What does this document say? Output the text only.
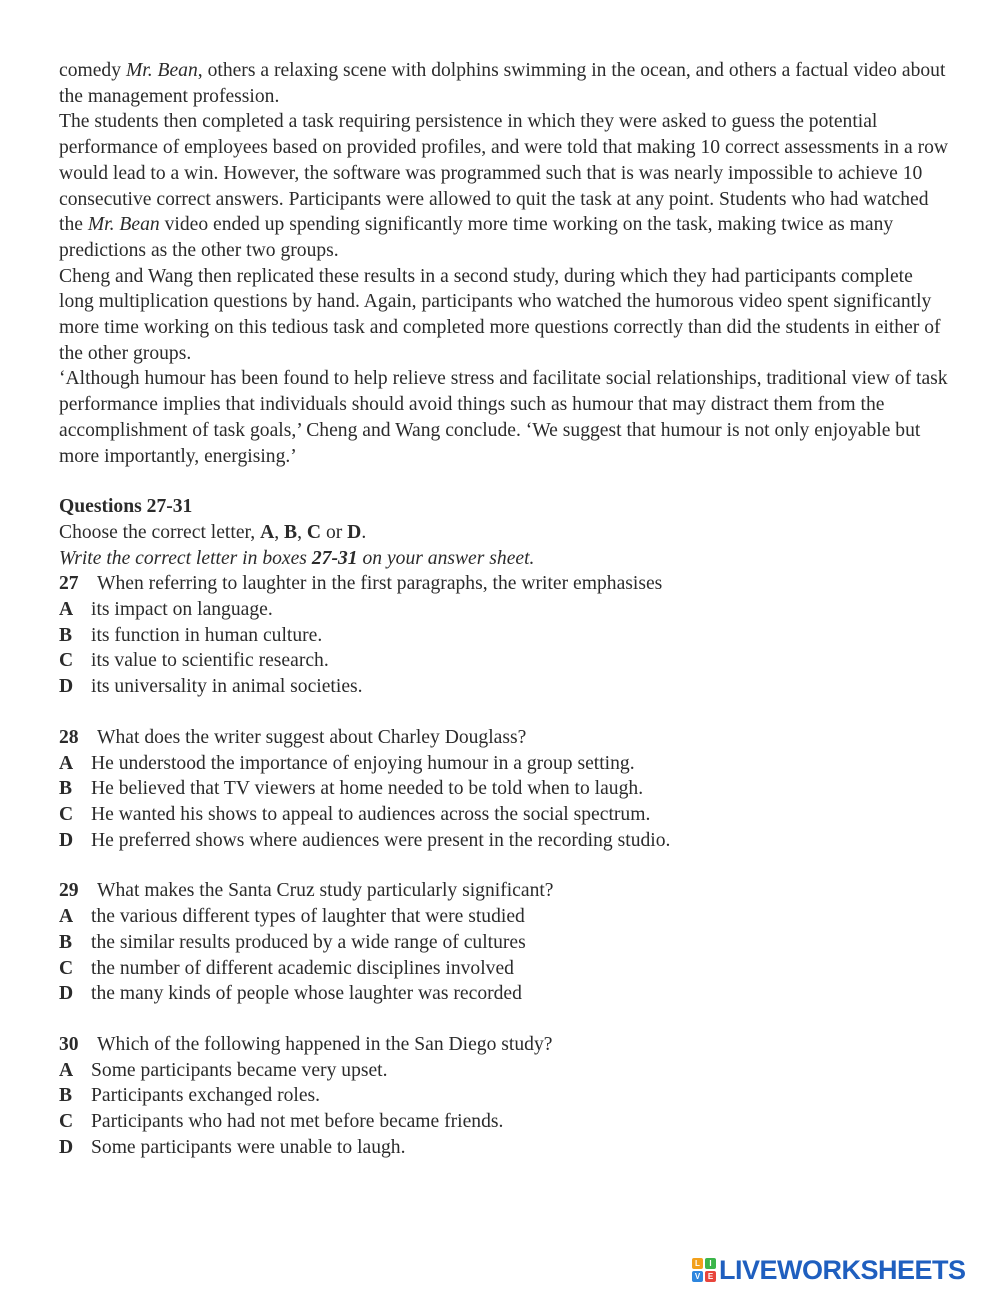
comedy Mr. Bean, others a relaxing scene with dolphins swimming in the ocean, and others a factual video about the management profession.

The students then completed a task requiring persistence in which they were asked to guess the potential performance of employees based on provided profiles, and were told that making 10 correct assessments in a row would lead to a win. However, the software was programmed such that is was nearly impossible to achieve 10 consecutive correct answers. Participants were allowed to quit the task at any point. Students who had watched the Mr. Bean video ended up spending significantly more time working on the task, making twice as many predictions as the other two groups.

Cheng and Wang then replicated these results in a second study, during which they had participants complete long multiplication questions by hand. Again, participants who watched the humorous video spent significantly more time working on this tedious task and completed more questions correctly than did the students in either of the other groups.

‘Although humour has been found to help relieve stress and facilitate social relationships, traditional view of task performance implies that individuals should avoid things such as humour that may distract them from the accomplishment of task goals,’ Cheng and Wang conclude. ‘We suggest that humour is not only enjoyable but more importantly, energising.’

Questions 27-31

Choose the correct letter, A, B, C or D.

Write the correct letter in boxes 27-31 on your answer sheet.

27 When referring to laughter in the first paragraphs, the writer emphasises

A its impact on language.

B its function in human culture.

C its value to scientific research.

D its universality in animal societies.

28 What does the writer suggest about Charley Douglass?

A He understood the importance of enjoying humour in a group setting.

B He believed that TV viewers at home needed to be told when to laugh.

C He wanted his shows to appeal to audiences across the social spectrum.

D He preferred shows where audiences were present in the recording studio.

29 What makes the Santa Cruz study particularly significant?

A the various different types of laughter that were studied

B the similar results produced by a wide range of cultures

C the number of different academic disciplines involved

D the many kinds of people whose laughter was recorded

30 Which of the following happened in the San Diego study?

A Some participants became very upset.

B Participants exchanged roles.

C Participants who had not met before became friends.

D Some participants were unable to laugh.

L	I
V E LIVEWORKSHEETS
